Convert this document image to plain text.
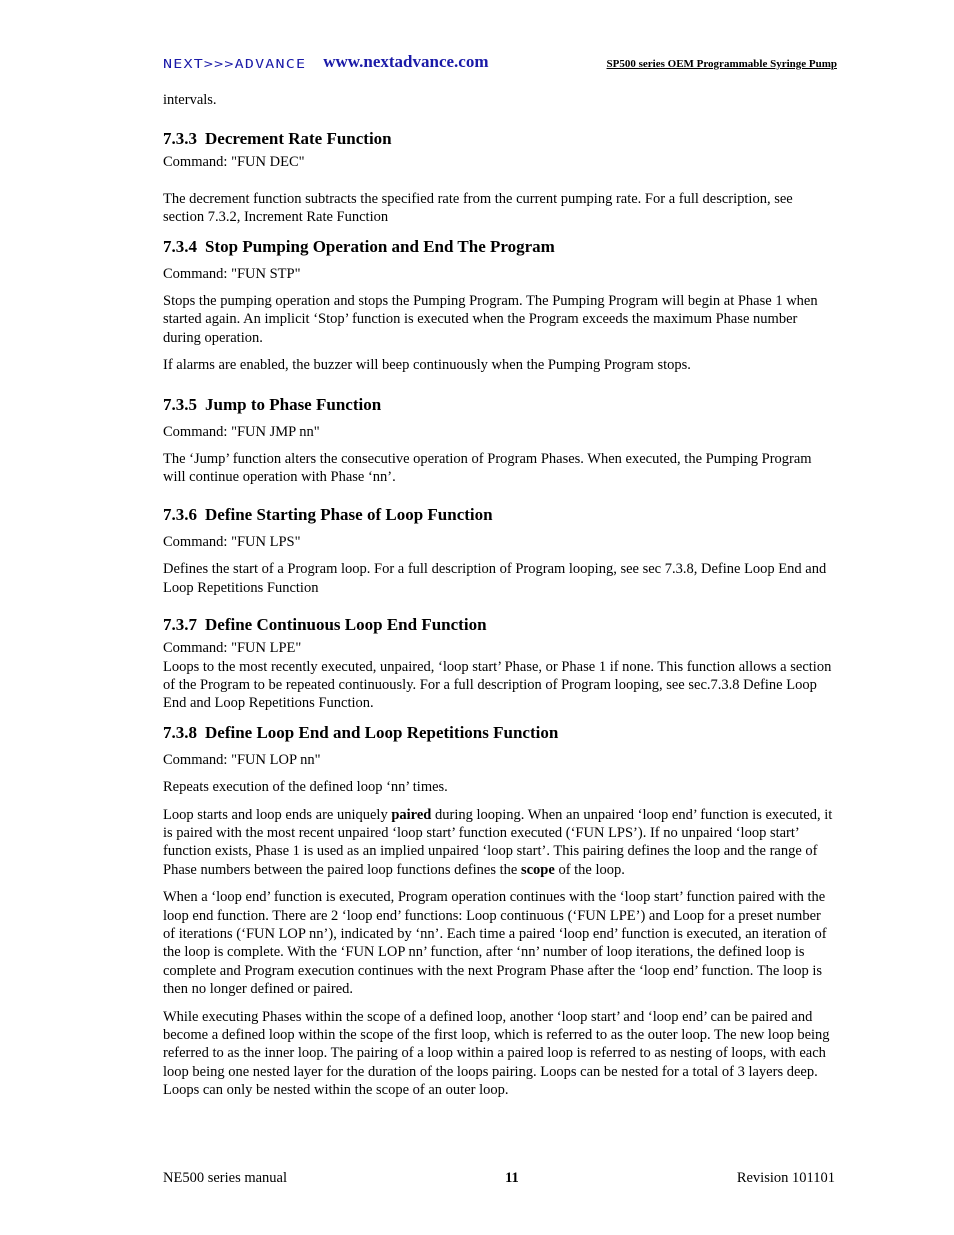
NEXT>>>ADVANCE www.nextadvance.com	SP500 series OEM Programmable Syringe Pump

intervals.

7.3.3 Decrement Rate Function

Command: "FUN DEC"

The decrement function subtracts the specified rate from the current pumping rate. For a full description, see section 7.3.2, Increment Rate Function

7.3.4 Stop Pumping Operation and End The Program

Command: "FUN STP"

Stops the pumping operation and stops the Pumping Program. The Pumping Program will begin at Phase 1 when started again. An implicit ‘Stop’ function is executed when the Program exceeds the maximum Phase number during operation.

If alarms are enabled, the buzzer will beep continuously when the Pumping Program stops.

7.3.5 Jump to Phase Function

Command: "FUN JMP nn"

The ‘Jump’ function alters the consecutive operation of Program Phases. When executed, the Pumping Program will continue operation with Phase ‘nn’.

7.3.6 Define Starting Phase of Loop Function

Command: "FUN LPS"

Defines the start of a Program loop. For a full description of Program looping, see sec 7.3.8, Define Loop End and Loop Repetitions Function

7.3.7 Define Continuous Loop End Function

Command: "FUN LPE"

Loops to the most recently executed, unpaired, ‘loop start’ Phase, or Phase 1 if none. This function allows a section of the Program to be repeated continuously. For a full description of Program looping, see sec.7.3.8 Define Loop End and Loop Repetitions Function.

7.3.8 Define Loop End and Loop Repetitions Function

Command: "FUN LOP nn"

Repeats execution of the defined loop ‘nn’ times.

Loop starts and loop ends are uniquely paired during looping. When an unpaired ‘loop end’ function is executed, it is paired with the most recent unpaired ‘loop start’ function executed (‘FUN LPS’). If no unpaired ‘loop start’ function exists, Phase 1 is used as an implied unpaired ‘loop start’. This pairing defines the loop and the range of Phase numbers between the paired loop functions defines the scope of the loop.

When a ‘loop end’ function is executed, Program operation continues with the ‘loop start’ function paired with the loop end function. There are 2 ‘loop end’ functions: Loop continuous (‘FUN LPE’) and Loop for a preset number of iterations (‘FUN LOP nn’), indicated by ‘nn’. Each time a paired ‘loop end’ function is executed, an iteration of the loop is complete. With the ‘FUN LOP nn’ function, after ‘nn’ number of loop iterations, the defined loop is complete and Program execution continues with the next Program Phase after the ‘loop end’ function. The loop is then no longer defined or paired.

While executing Phases within the scope of a defined loop, another ‘loop start’ and ‘loop end’ can be paired and become a defined loop within the scope of the first loop, which is referred to as the outer loop. The new loop being referred to as the inner loop. The pairing of a loop within a paired loop is referred to as nesting of loops, with each loop being one nested layer for the duration of the loops pairing. Loops can be nested for a total of 3 layers deep. Loops can only be nested within the scope of an outer loop.

NE500 series manual	11	Revision 101101
